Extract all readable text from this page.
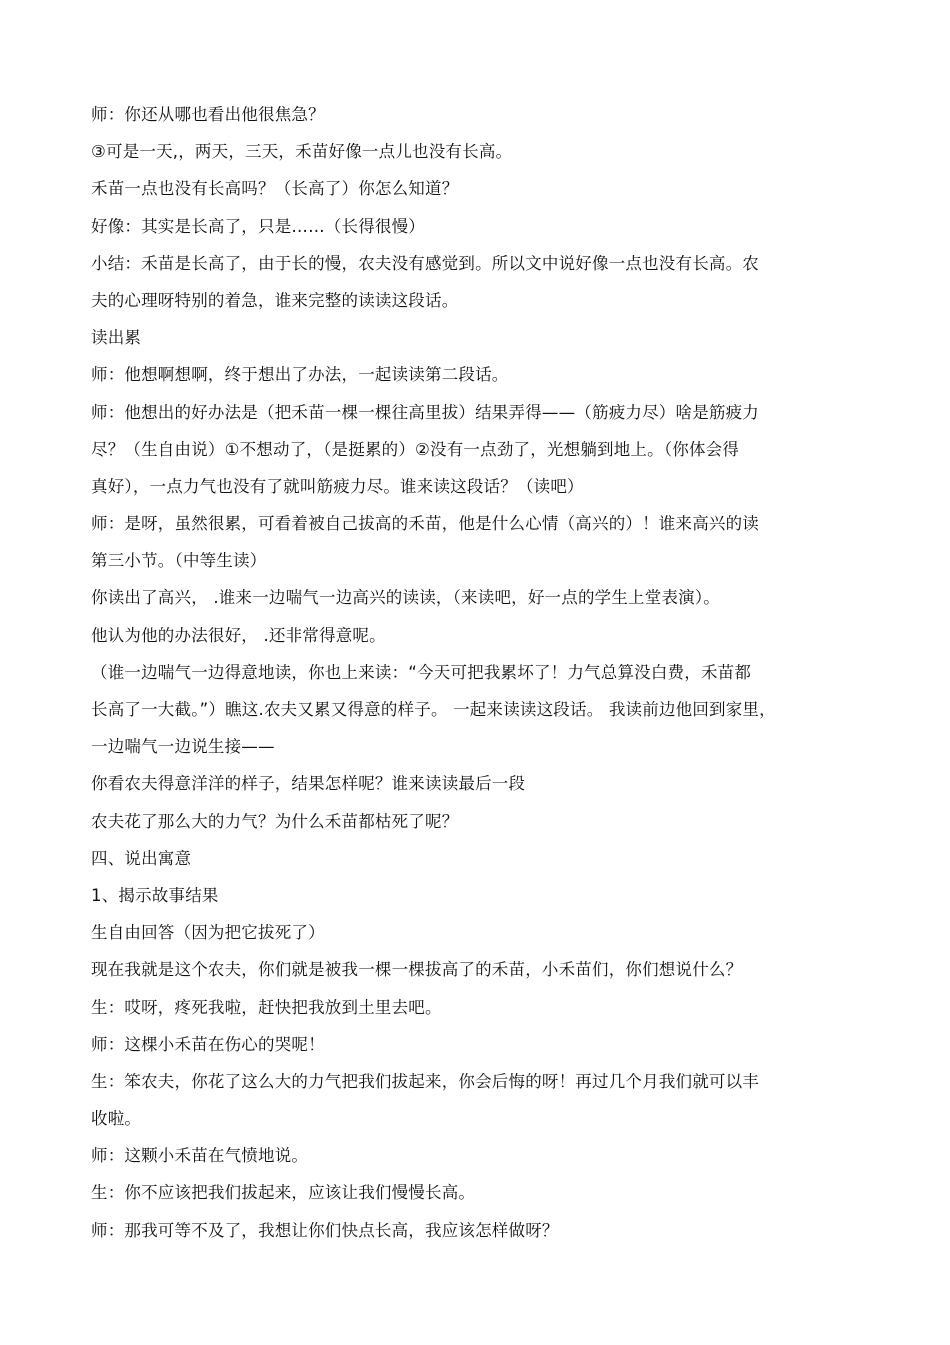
师：你还从哪也看出他很焦急？
③可是一天,，两天，三天，禾苗好像一点儿也没有长高。
禾苗一点也没有长高吗？（长高了）你怎么知道？
好像：其实是长高了，只是……（长得很慢）
小结：禾苗是长高了，由于长的慢，农夫没有感觉到。所以文中说好像一点也没有长高。农
夫的心理呀特别的着急，谁来完整的读读这段话。
读出累
师：他想啊想啊，终于想出了办法，一起读读第二段话。
师：他想出的好办法是（把禾苗一棵一棵往高里拔）结果弄得——（筋疲力尽）啥是筋疲力
尽？（生自由说）①不想动了，（是挺累的）②没有一点劲了，光想躺到地上。（你体会得
真好），一点力气也没有了就叫筋疲力尽。谁来读这段话？（读吧）
师：是呀，虽然很累，可看着被自己拔高的禾苗，他是什么心情（高兴的）！谁来高兴的读
第三小节。（中等生读）
你读出了高兴， .谁来一边喘气一边高兴的读读，（来读吧，好一点的学生上堂表演）。
他认为他的办法很好， .还非常得意呢。
（谁一边喘气一边得意地读，你也上来读：“今天可把我累坏了！力气总算没白费，禾苗都
长高了一大截。”）瞧这.农夫又累又得意的样子。 一起来读读这段话。 我读前边他回到家里，
一边喘气一边说生接——
你看农夫得意洋洋的样子，结果怎样呢？谁来读读最后一段
农夫花了那么大的力气？为什么禾苗都枯死了呢？
四、说出寓意
1、揭示故事结果
生自由回答（因为把它拔死了）
现在我就是这个农夫，你们就是被我一棵一棵拔高了的禾苗，小禾苗们，你们想说什么？
生：哎呀，疼死我啦，赶快把我放到土里去吧。
师：这棵小禾苗在伤心的哭呢！
生：笨农夫，你花了这么大的力气把我们拔起来，你会后悔的呀！再过几个月我们就可以丰
收啦。
师：这颗小禾苗在气愤地说。
生：你不应该把我们拔起来，应该让我们慢慢长高。
师：那我可等不及了，我想让你们快点长高，我应该怎样做呀？
